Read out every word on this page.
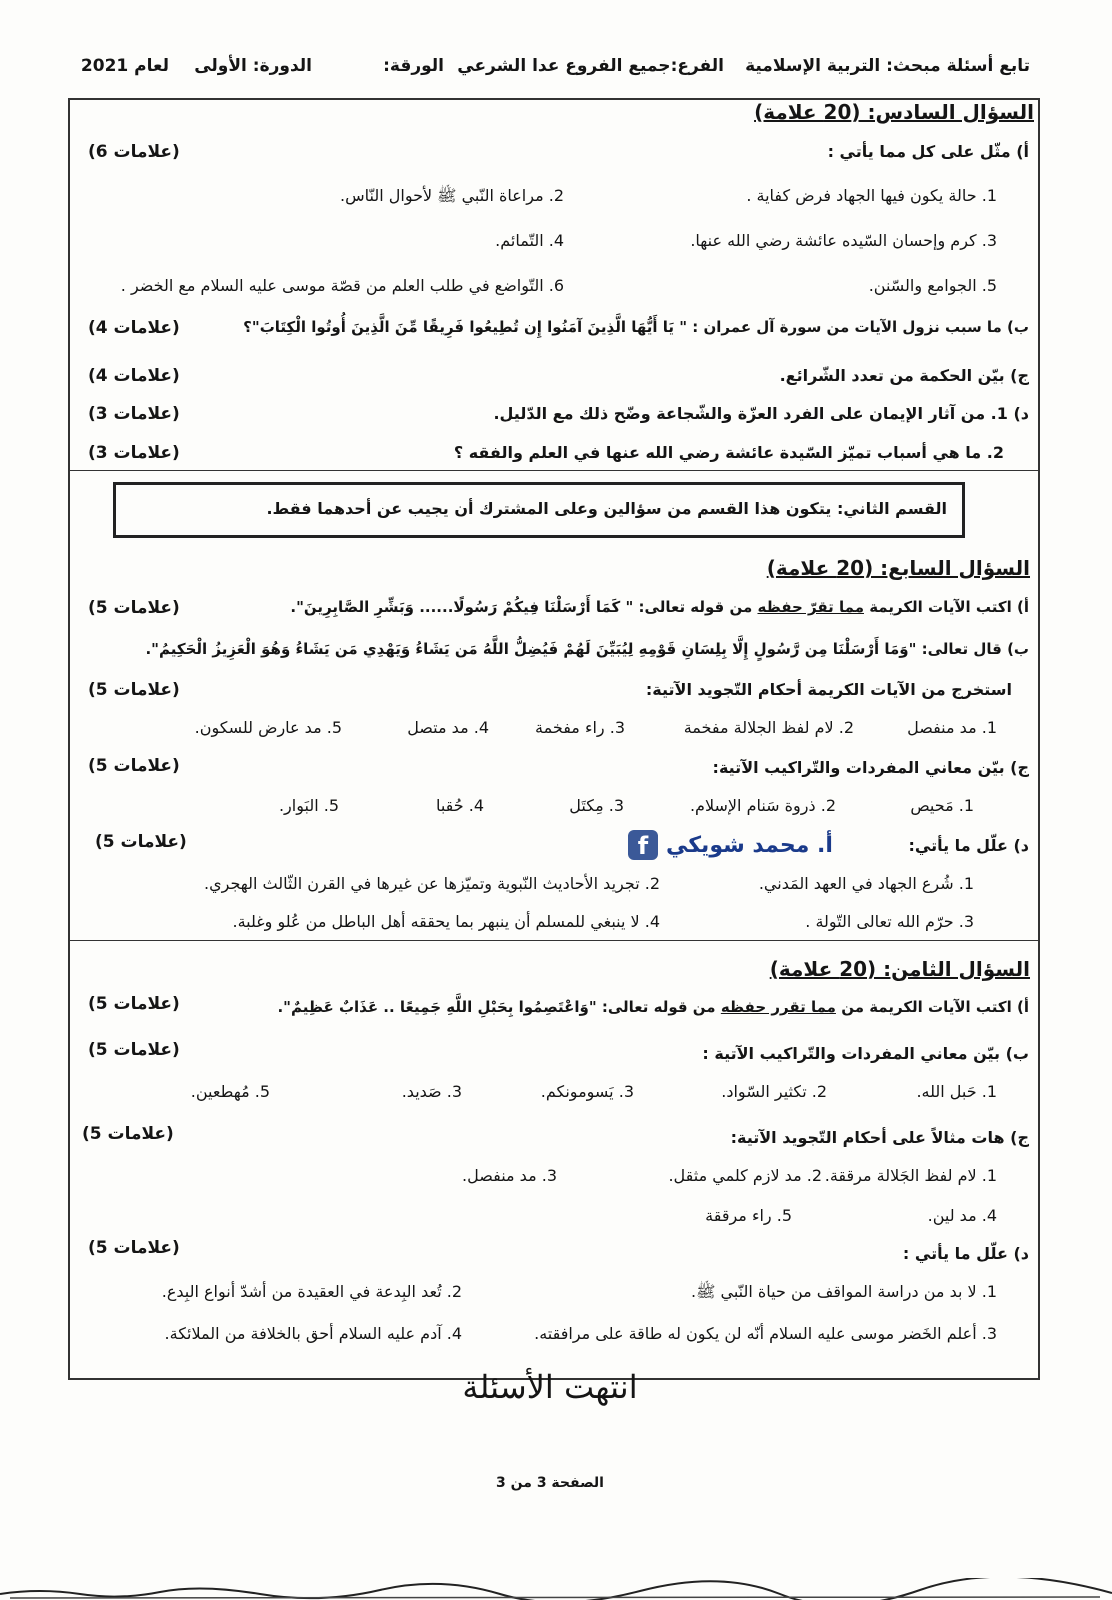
تابع أسئلة مبحث: التربية الإسلامية
الفرع:جميع الفروع عدا الشرعي
الورقة:
الدورة: الأولى
لعام 2021
السؤال السادس: (20 علامة)
أ) مثّل على كل مما يأتي :
(6 علامات)
1. حالة يكون فيها الجهاد فرض كفاية .
2. مراعاة النّبي ﷺ لأحوال النّاس.
3. كرم وإحسان السّيده عائشة رضي الله عنها.
4. التّمائم.
5. الجوامع والسّنن.
6. التّواضع في طلب العلم من قصّة موسى عليه السلام مع الخضر .
ب) ما سبب نزول الآيات من سورة آل عمران : " يَا أَيُّهَا الَّذِينَ آمَنُوا إِن تُطِيعُوا فَرِيقًا مِّنَ الَّذِينَ أُوتُوا الْكِتَابَ"؟
(4 علامات)
ج) بيّن الحكمة من تعدد الشّرائع.
(4 علامات)
د) 1. من آثار الإيمان على الفرد العزّة والشّجاعة وضّح ذلك مع الدّليل.
(3 علامات)
2. ما هي أسباب تميّز السّيدة عائشة رضي الله عنها في العلم والفقه ؟
(3 علامات)
القسم الثاني: يتكون هذا القسم من سؤالين وعلى المشترك أن يجيب عن أحدهما فقط.
السؤال السابع: (20 علامة)
أ) اكتب الآيات الكريمة مما تقرّ حفظه من قوله تعالى: " كَمَا أَرْسَلْنَا فِيكُمْ رَسُولًا...... وَبَشِّرِ الصَّابِرِينَ".
(5 علامات)
ب) قال تعالى: "وَمَا أَرْسَلْنَا مِن رَّسُولٍ إِلَّا بِلِسَانِ قَوْمِهِ لِيُبَيِّنَ لَهُمْ فَيُضِلُّ اللَّهُ مَن يَشَاءُ وَيَهْدِي مَن يَشَاءُ وَهُوَ الْعَزِيزُ الْحَكِيمُ".
استخرج من الآيات الكريمة أحكام التّجويد الآتية:
(5 علامات)
1. مد منفصل
2. لام لفظ الجلالة مفخمة
3. راء مفخمة
4. مد متصل
5. مد عارض للسكون.
ج) بيّن معاني المفردات والتّراكيب الآتية:
(5 علامات)
1. مَحيص
2. ذروة سَنام الإسلام.
3. مِكتَل
4. حُقبا
5. البَوار.
د) علّل ما يأتي:
(5 علامات)	f أ. محمد شويكي
1. شُرع الجهاد في العهد المَدني.
2. تجريد الأحاديث النّبوية وتميّزها عن غيرها في القرن الثّالث الهجري.
3. حرّم الله تعالى التّولة .
4. لا ينبغي للمسلم أن ينبهر بما يحققه أهل الباطل من عُلو وغلبة.
السؤال الثامن: (20 علامة)
أ) اكتب الآيات الكريمة من مما تقرر حفظه من قوله تعالى: "وَاعْتَصِمُوا بِحَبْلِ اللَّهِ جَمِيعًا .. عَذَابٌ عَظِيمٌ".
(5 علامات)
ب) بيّن معاني المفردات والتّراكيب الآتية :
(5 علامات)
1. حَبل الله.
2. تكثير السّواد.
3. يَسومونكم.
3. صَديد.
5. مُهطعين.
ج) هات مثالاً على أحكام التّجويد الآتية:
(5 علامات)
1. لام لفظ الجَلالة مرققة.
2. مد لازم كلمي مثقل.
3. مد منفصل.
4. مد لين.
5. راء مرققة
د) علّل ما يأتي :
(5 علامات)
1. لا بد من دراسة المواقف من حياة النّبي ﷺ.
2. تُعد البِدعة في العقيدة من أشدّ أنواع البِدع.
3. أعلم الخَضر موسى عليه السلام أنّه لن يكون له طاقة على مرافقته.
4. آدم عليه السلام أحق بالخلافة من الملائكة.
انتهت الأسئلة
الصفحة 3 من 3
